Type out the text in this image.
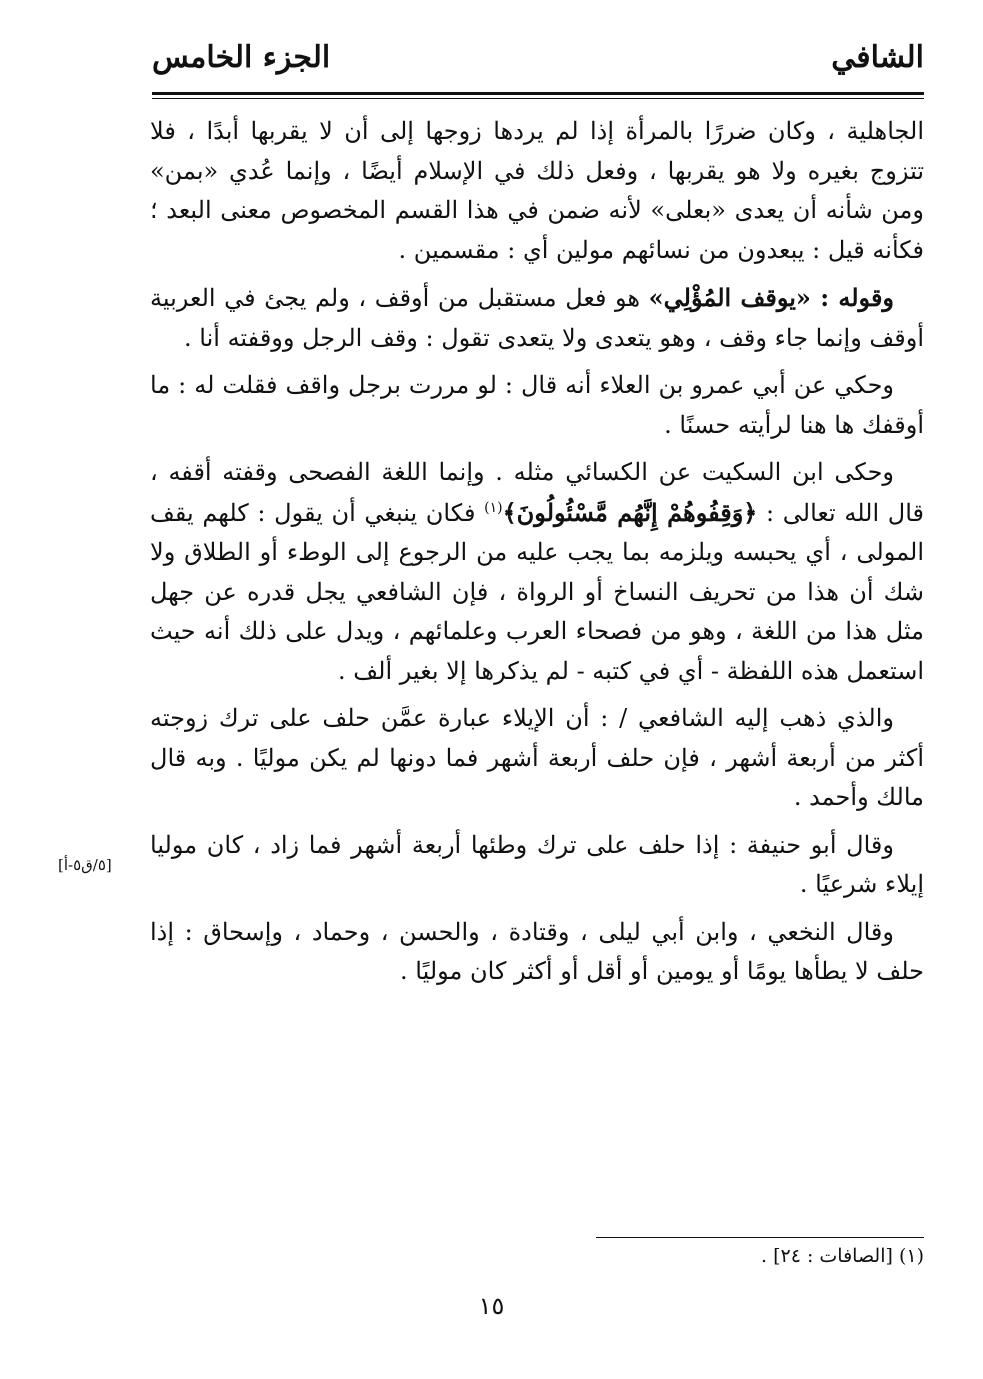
الشافي
الجزء الخامس

الجاهلية ، وكان ضررًا بالمرأة إذا لم يردها زوجها إلى أن لا يقربها أبدًا ، فلا تتزوج بغيره ولا هو يقربها ، وفعل ذلك في الإسلام أيضًا ، وإنما عُدي «بمن» ومن شأنه أن يعدى «بعلى» لأنه ضمن في هذا القسم المخصوص معنى البعد ؛ فكأنه قيل : يبعدون من نسائهم مولين أي : مقسمين .

وقوله : «يوقف المُؤْلِي» هو فعل مستقبل من أوقف ، ولم يجئ في العربية أوقف وإنما جاء وقف ، وهو يتعدى ولا يتعدى تقول : وقف الرجل ووقفته أنا .

وحكي عن أبي عمرو بن العلاء أنه قال : لو مررت برجل واقف فقلت له : ما أوقفك ها هنا لرأيته حسنًا .

وحكى ابن السكيت عن الكسائي مثله . وإنما اللغة الفصحى وقفته أقفه ، قال الله تعالى : ﴿وَقِفُوهُمْ إِنَّهُم مَّسْئُولُونَ﴾$^{(١)}$ فكان ينبغي أن يقول : كلهم يقف المولى ، أي يحبسه ويلزمه بما يجب عليه من الرجوع إلى الوطء أو الطلاق ولا شك أن هذا من تحريف النساخ أو الرواة ، فإن الشافعي يجل قدره عن جهل مثل هذا من اللغة ، وهو من فصحاء العرب وعلمائهم ، ويدل على ذلك أنه حيث استعمل هذه اللفظة - أي في كتبه - لم يذكرها إلا بغير ألف .

والذي ذهب إليه الشافعي / : أن الإيلاء عبارة عمَّن حلف على ترك زوجته أكثر من أربعة أشهر ، فإن حلف أربعة أشهر فما دونها لم يكن موليًا . وبه قال مالك وأحمد .

وقال أبو حنيفة : إذا حلف على ترك وطئها أربعة أشهر فما زاد ، كان موليا إيلاء شرعيًا .

وقال النخعي ، وابن أبي ليلى ، وقتادة ، والحسن ، وحماد ، وإسحاق : إذا حلف لا يطأها يومًا أو يومين أو أقل أو أكثر كان موليًا .

[٥/ق٥-أ]
(١) [الصافات : ٢٤] .
١٥
